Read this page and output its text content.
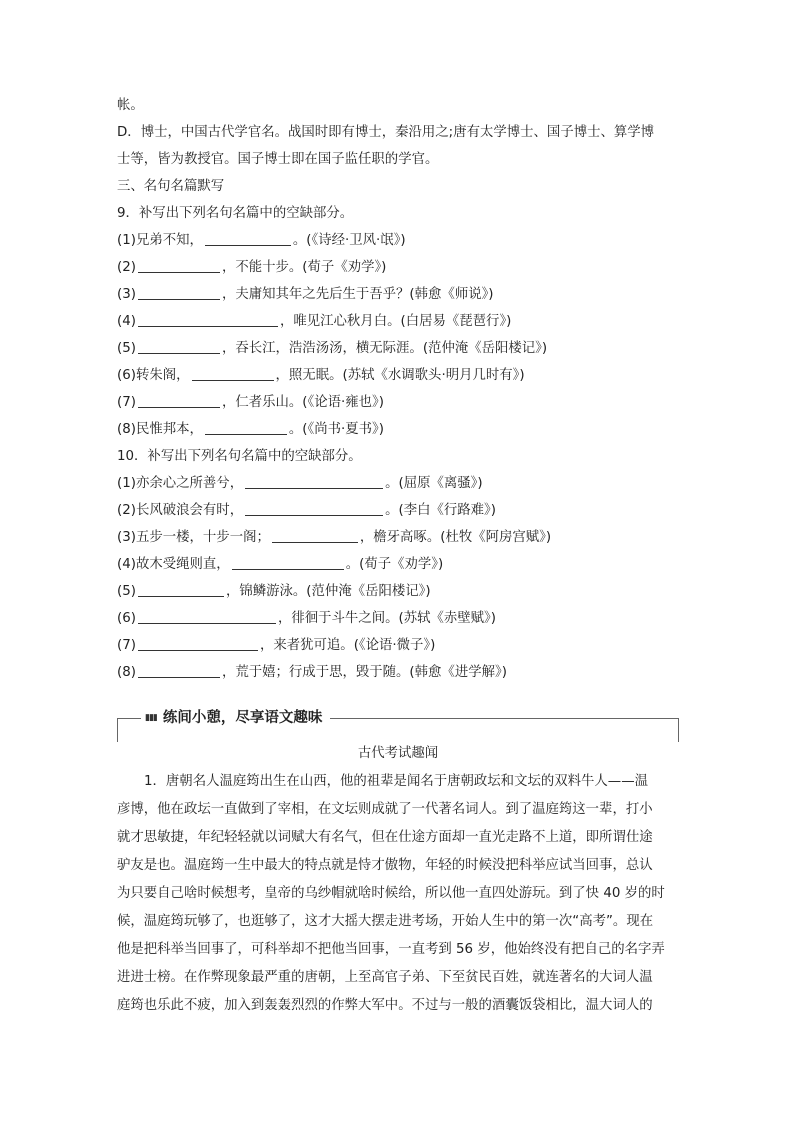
帐。
D．博士，中国古代学官名。战国时即有博士，秦沿用之;唐有太学博士、国子博士、算学博
士等，皆为教授官。国子博士即在国子监任职的学官。
三、名句名篇默写
9．补写出下列名句名篇中的空缺部分。
(1)兄弟不知，	。(《诗经·卫风·氓》)
(2)	，不能十步。(荀子《劝学》)
(3)	，夫庸知其年之先后生于吾乎？(韩愈《师说》)
(4)	，唯见江心秋月白。(白居易《琵琶行》)
(5)	，吞长江，浩浩汤汤，横无际涯。(范仲淹《岳阳楼记》)
(6)转朱阁，	，照无眠。(苏轼《水调歌头·明月几时有》)
(7)	，仁者乐山。(《论语·雍也》)
(8)民惟邦本，	。(《尚书·夏书》)
10．补写出下列名句名篇中的空缺部分。
(1)亦余心之所善兮，	。(屈原《离骚》)
(2)长风破浪会有时，	。(李白《行路难》)
(3)五步一楼，十步一阁；	，檐牙高啄。(杜牧《阿房宫赋》)
(4)故木受绳则直，	。(荀子《劝学》)
(5)	，锦鳞游泳。(范仲淹《岳阳楼记》)
(6)	，徘徊于斗牛之间。(苏轼《赤壁赋》)
(7)	，来者犹可追。(《论语·微子》)
(8)	，荒于嬉；行成于思，毁于随。(韩愈《进学解》)
▮▮▮ 练间小憩，尽享语文趣味
古代考试趣闻
1．唐朝名人温庭筠出生在山西，他的祖辈是闻名于唐朝政坛和文坛的双料牛人——温
彦博，他在政坛一直做到了宰相，在文坛则成就了一代著名词人。到了温庭筠这一辈，打小
就才思敏捷，年纪轻轻就以词赋大有名气，但在仕途方面却一直光走路不上道，即所谓仕途
驴友是也。温庭筠一生中最大的特点就是恃才傲物，年轻的时候没把科举应试当回事，总认
为只要自己啥时候想考，皇帝的乌纱帽就啥时候给，所以他一直四处游玩。到了快 40 岁的时
候，温庭筠玩够了，也逛够了，这才大摇大摆走进考场，开始人生中的第一次“高考”。现在
他是把科举当回事了，可科举却不把他当回事，一直考到 56 岁，他始终没有把自己的名字弄
进进士榜。在作弊现象最严重的唐朝，上至高官子弟、下至贫民百姓，就连著名的大词人温
庭筠也乐此不疲，加入到轰轰烈烈的作弊大军中。不过与一般的酒囊饭袋相比，温大词人的
